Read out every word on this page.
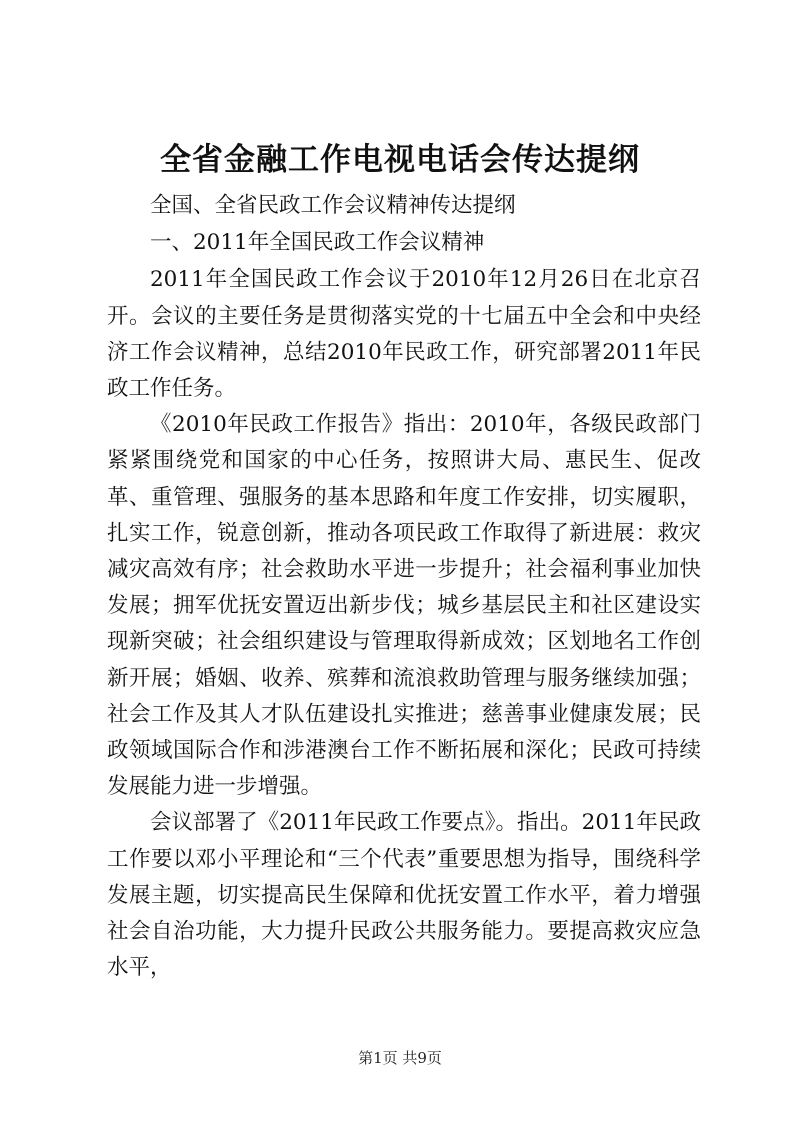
全省金融工作电视电话会传达提纲

全国、全省民政工作会议精神传达提纲

一、2011年全国民政工作会议精神

2011年全国民政工作会议于2010年12月26日在北京召开。会议的主要任务是贯彻落实党的十七届五中全会和中央经济工作会议精神，总结2010年民政工作，研究部署2011年民政工作任务。

《2010年民政工作报告》指出：2010年，各级民政部门紧紧围绕党和国家的中心任务，按照讲大局、惠民生、促改革、重管理、强服务的基本思路和年度工作安排，切实履职，扎实工作，锐意创新，推动各项民政工作取得了新进展：救灾减灾高效有序；社会救助水平进一步提升；社会福利事业加快发展；拥军优抚安置迈出新步伐；城乡基层民主和社区建设实现新突破；社会组织建设与管理取得新成效；区划地名工作创新开展；婚姻、收养、殡葬和流浪救助管理与服务继续加强；社会工作及其人才队伍建设扎实推进；慈善事业健康发展；民政领域国际合作和涉港澳台工作不断拓展和深化；民政可持续发展能力进一步增强。

会议部署了《2011年民政工作要点》。指出。2011年民政工作要以邓小平理论和“三个代表”重要思想为指导，围绕科学发展主题，切实提高民生保障和优抚安置工作水平，着力增强社会自治功能，大力提升民政公共服务能力。要提高救灾应急水平，

第1页 共9页
